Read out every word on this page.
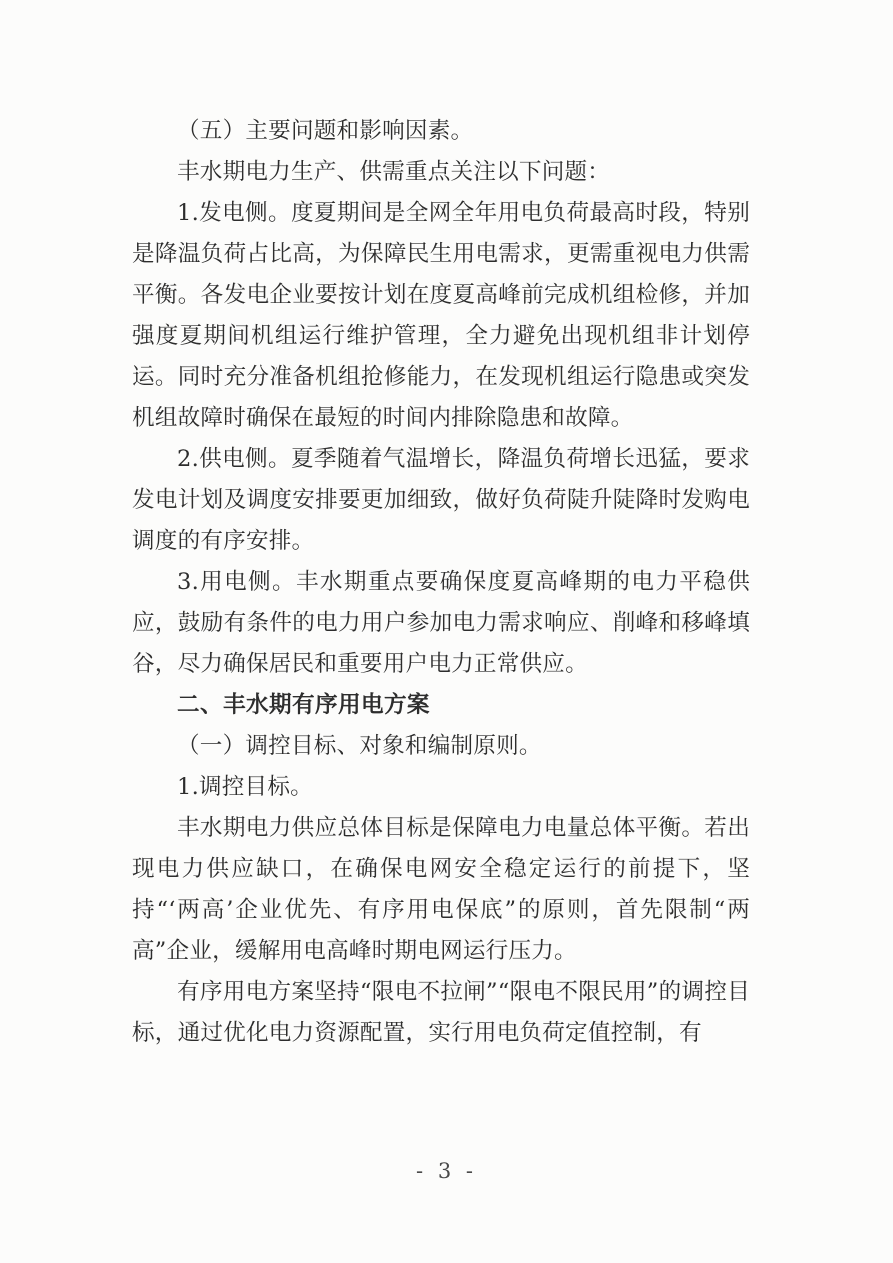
（五）主要问题和影响因素。

丰水期电力生产、供需重点关注以下问题：

1.发电侧。度夏期间是全网全年用电负荷最高时段，特别是降温负荷占比高，为保障民生用电需求，更需重视电力供需平衡。各发电企业要按计划在度夏高峰前完成机组检修，并加强度夏期间机组运行维护管理，全力避免出现机组非计划停运。同时充分准备机组抢修能力，在发现机组运行隐患或突发机组故障时确保在最短的时间内排除隐患和故障。

2.供电侧。夏季随着气温增长，降温负荷增长迅猛，要求发电计划及调度安排要更加细致，做好负荷陡升陡降时发购电调度的有序安排。

3.用电侧。丰水期重点要确保度夏高峰期的电力平稳供应，鼓励有条件的电力用户参加电力需求响应、削峰和移峰填谷，尽力确保居民和重要用户电力正常供应。

二、丰水期有序用电方案

（一）调控目标、对象和编制原则。

1.调控目标。

丰水期电力供应总体目标是保障电力电量总体平衡。若出现电力供应缺口，在确保电网安全稳定运行的前提下，坚持“‘两高’企业优先、有序用电保底”的原则，首先限制“两高”企业，缓解用电高峰时期电网运行压力。

有序用电方案坚持“限电不拉闸”“限电不限民用”的调控目标，通过优化电力资源配置，实行用电负荷定值控制，有

- 3 -
